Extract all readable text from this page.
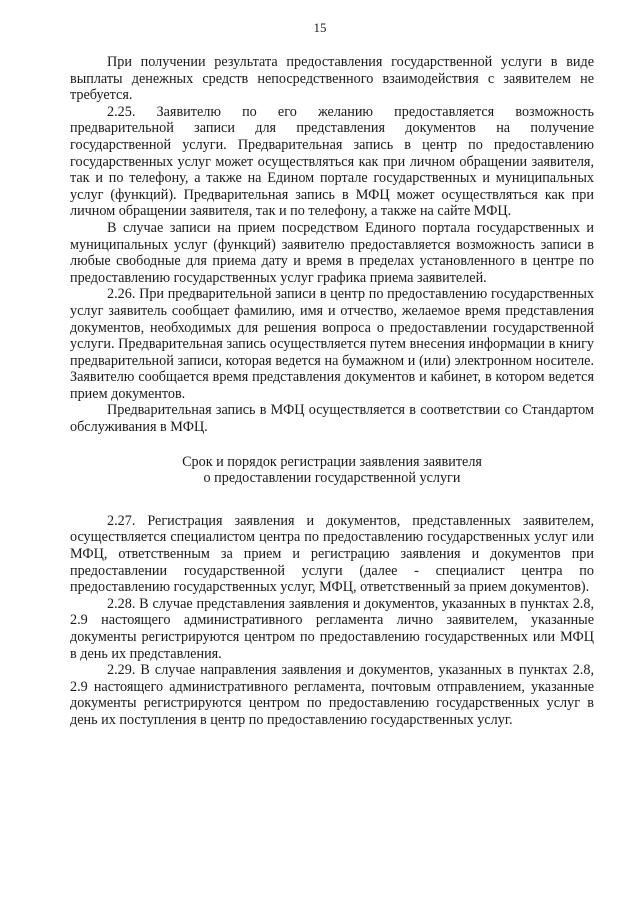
15

При получении результата предоставления государственной услуги в виде выплаты денежных средств непосредственного взаимодействия с заявителем не требуется.

2.25. Заявителю по его желанию предоставляется возможность предварительной записи для представления документов на получение государственной услуги. Предварительная запись в центр по предоставлению государственных услуг может осуществляться как при личном обращении заявителя, так и по телефону, а также на Едином портале государственных и муниципальных услуг (функций). Предварительная запись в МФЦ может осуществляться как при личном обращении заявителя, так и по телефону, а также на сайте МФЦ.

В случае записи на прием посредством Единого портала государственных и муниципальных услуг (функций) заявителю предоставляется возможность записи в любые свободные для приема дату и время в пределах установленного в центре по предоставлению государственных услуг графика приема заявителей.

2.26. При предварительной записи в центр по предоставлению государственных услуг заявитель сообщает фамилию, имя и отчество, желаемое время представления документов, необходимых для решения вопроса о предоставлении государственной услуги. Предварительная запись осуществляется путем внесения информации в книгу предварительной записи, которая ведется на бумажном и (или) электронном носителе. Заявителю сообщается время представления документов и кабинет, в котором ведется прием документов.

Предварительная запись в МФЦ осуществляется в соответствии со Стандартом обслуживания в МФЦ.

Срок и порядок регистрации заявления заявителя
о предоставлении государственной услуги

2.27. Регистрация заявления и документов, представленных заявителем, осуществляется специалистом центра по предоставлению государственных услуг или МФЦ, ответственным за прием и регистрацию заявления и документов при предоставлении государственной услуги (далее - специалист центра по предоставлению государственных услуг, МФЦ, ответственный за прием документов).

2.28. В случае представления заявления и документов, указанных в пунктах 2.8, 2.9 настоящего административного регламента лично заявителем, указанные документы регистрируются центром по предоставлению государственных или МФЦ в день их представления.

2.29. В случае направления заявления и документов, указанных в пунктах 2.8, 2.9 настоящего административного регламента, почтовым отправлением, указанные документы регистрируются центром по предоставлению государственных услуг в день их поступления в центр по предоставлению государственных услуг.
